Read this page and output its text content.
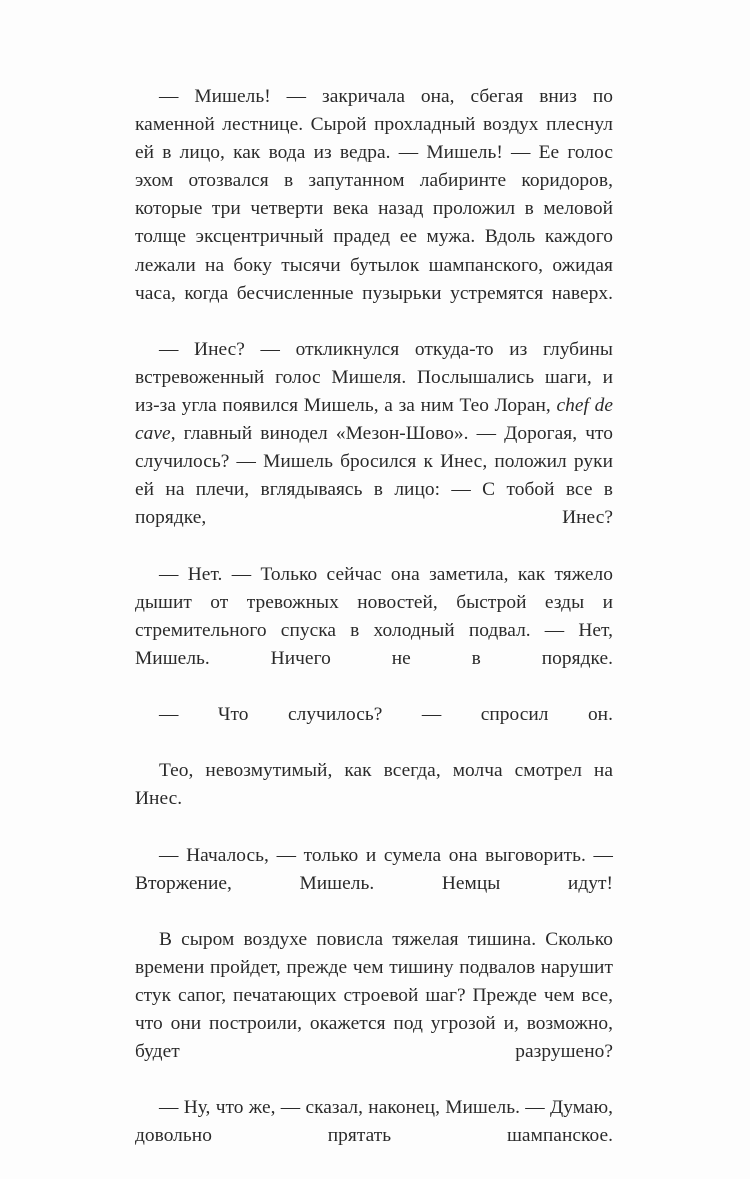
— Мишель! — закричала она, сбегая вниз по каменной лестнице. Сырой прохладный воздух плеснул ей в лицо, как вода из ведра. — Мишель! — Ее голос эхом отозвался в запутанном лабиринте коридоров, которые три четверти века назад проложил в меловой толще эксцентричный прадед ее мужа. Вдоль каждого лежали на боку тысячи бутылок шампанского, ожидая часа, когда бесчисленные пузырьки устремятся наверх.

— Инес? — откликнулся откуда-то из глубины встревоженный голос Мишеля. Послышались шаги, и из-за угла появился Мишель, а за ним Тео Лоран, chef de cave, главный винодел «Мезон-Шово». — Дорогая, что случилось? — Мишель бросился к Инес, положил руки ей на плечи, вглядываясь в лицо: — С тобой все в порядке, Инес?

— Нет. — Только сейчас она заметила, как тяжело дышит от тревожных новостей, быстрой езды и стремительного спуска в холодный подвал. — Нет, Мишель. Ничего не в порядке.

— Что случилось? — спросил он.

Тео, невозмутимый, как всегда, молча смотрел на Инес.

— Началось, — только и сумела она выговорить. — Вторжение, Мишель. Немцы идут!

В сыром воздухе повисла тяжелая тишина. Сколько времени пройдет, прежде чем тишину подвалов нарушит стук сапог, печатающих строевой шаг? Прежде чем все, что они построили, окажется под угрозой и, возможно, будет разрушено?

— Ну, что же, — сказал, наконец, Мишель. — Думаю, довольно прятать шампанское.
